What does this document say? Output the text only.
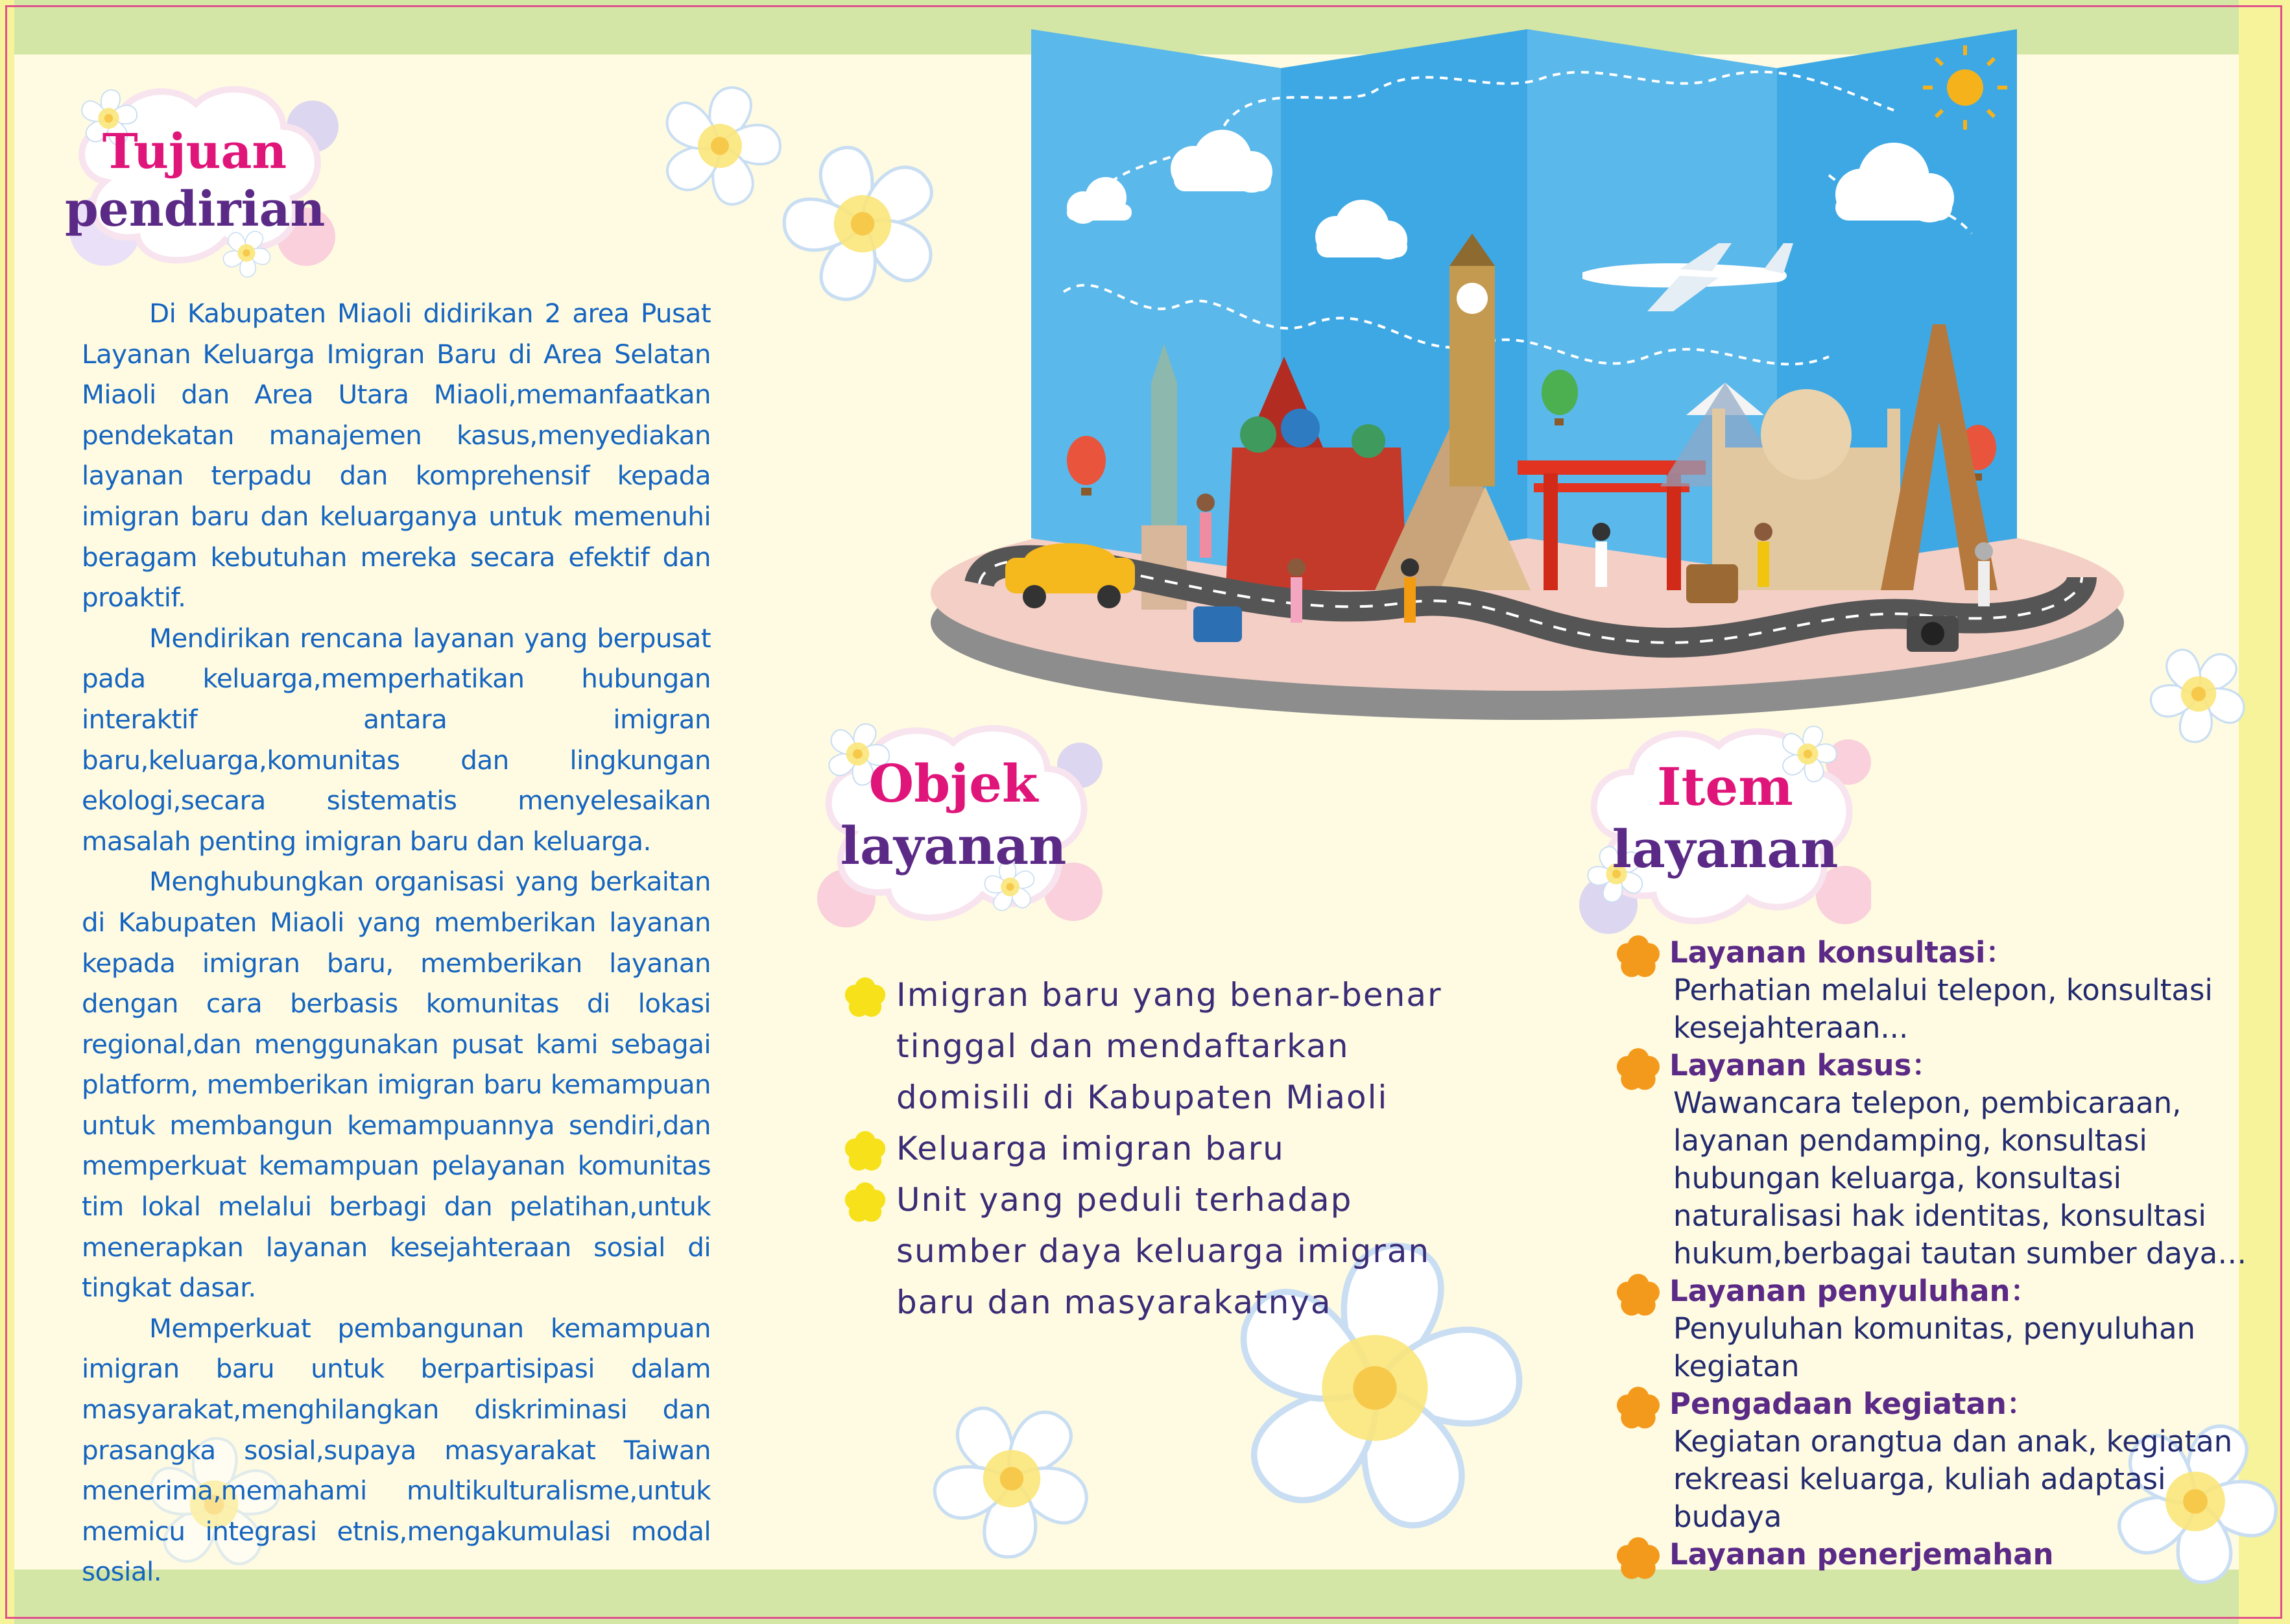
Tujuan
pendirian
Objek
layanan
Item
layanan

Di Kabupaten Miaoli didirikan 2 area Pusat Layanan Keluarga Imigran Baru di Area Selatan Miaoli dan Area Utara Miaoli,memanfaatkan pendekatan manajemen kasus,menyediakan layanan terpadu dan komprehensif kepada imigran baru dan keluarganya untuk memenuhi beragam kebutuhan mereka secara efektif dan proaktif.

Mendirikan rencana layanan yang berpusat pada keluarga,memperhatikan hubungan interaktif antara imigran baru,keluarga,komunitas dan lingkungan ekologi,secara sistematis menyelesaikan masalah penting imigran baru dan keluarga.

Menghubungkan organisasi yang berkaitan di Kabupaten Miaoli yang memberikan layanan kepada imigran baru, memberikan layanan dengan cara berbasis komunitas di lokasi regional,dan menggunakan pusat kami sebagai platform, memberikan imigran baru kemampuan untuk membangun kemampuannya sendiri,dan memperkuat kemampuan pelayanan komunitas tim lokal melalui berbagi dan pelatihan,untuk menerapkan layanan kesejahteraan sosial di tingkat dasar.

Memperkuat pembangunan kemampuan imigran baru untuk berpartisipasi dalam masyarakat,menghilangkan diskriminasi dan prasangka sosial,supaya masyarakat Taiwan menerima,memahami multikulturalisme,untuk memicu integrasi etnis,mengakumulasi modal sosial.

Imigran baru yang benar-benar tinggal dan mendaftarkan domisili di Kabupaten Miaoli
Keluarga imigran baru
Unit yang peduli terhadap sumber daya keluarga imigran baru dan masyarakatnya
Layanan konsultasi：
Perhatian melalui telepon, konsultasi kesejahteraan...
Layanan kasus：
Wawancara telepon, pembicaraan, layanan pendamping, konsultasi hubungan keluarga, konsultasi naturalisasi hak identitas, konsultasi hukum,berbagai tautan sumber daya…
Layanan penyuluhan：
Penyuluhan komunitas, penyuluhan kegiatan
Pengadaan kegiatan：
Kegiatan orangtua dan anak, kegiatan rekreasi keluarga, kuliah adaptasi budaya
Layanan penerjemahan
